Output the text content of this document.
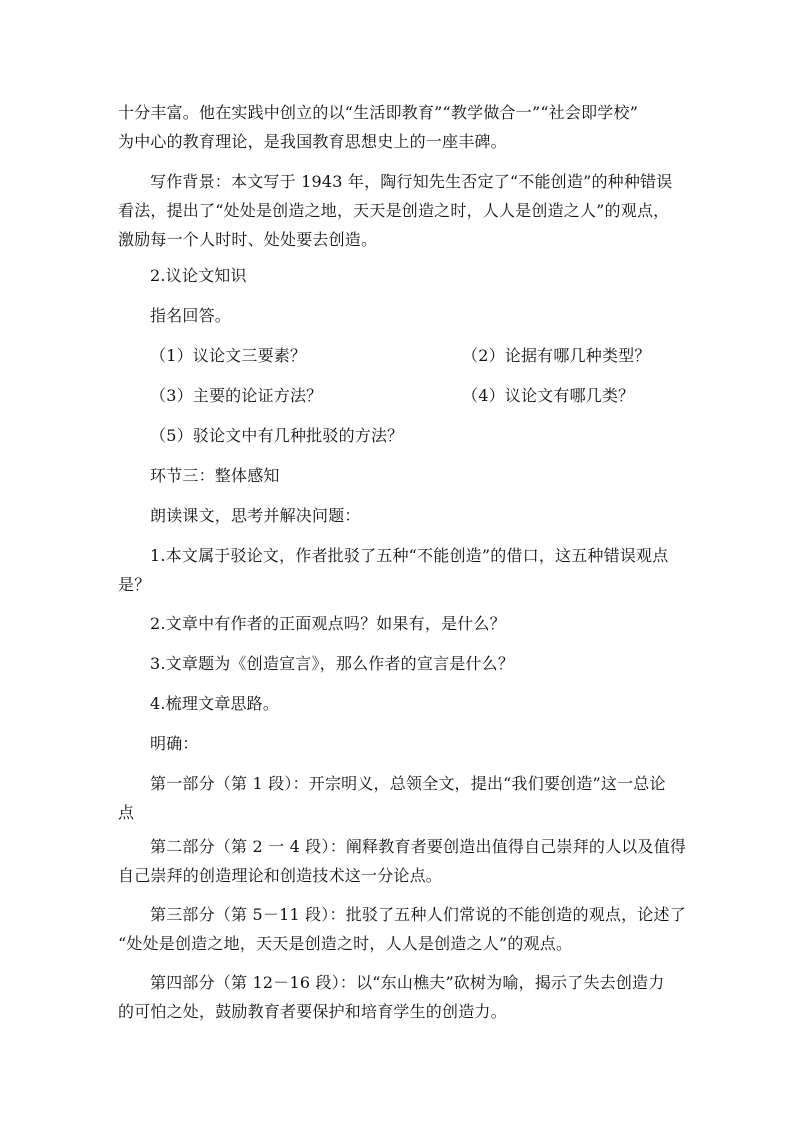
十分丰富。他在实践中创立的以“生活即教育”“教学做合一”“社会即学校”
为中心的教育理论，是我国教育思想史上的一座丰碑。
写作背景：本文写于 1943 年，陶行知先生否定了“不能创造”的种种错误
看法，提出了“处处是创造之地，天天是创造之时，人人是创造之人”的观点，
激励每一个人时时、处处要去创造。
2.议论文知识
指名回答。
（1）议论文三要素？	（2）论据有哪几种类型？
（3）主要的论证方法？	（4）议论文有哪几类？
（5）驳论文中有几种批驳的方法？
环节三：整体感知
朗读课文，思考并解决问题：
1.本文属于驳论文，作者批驳了五种“不能创造”的借口，这五种错误观点
是？
2.文章中有作者的正面观点吗？如果有，是什么？
3.文章题为《创造宣言》，那么作者的宣言是什么？
4.梳理文章思路。
明确：
第一部分（第 1 段）：开宗明义，总领全文，提出“我们要创造”这一总论
点
第二部分（第 2 一 4 段）：阐释教育者要创造出值得自己崇拜的人以及值得
自己崇拜的创造理论和创造技术这一分论点。
第三部分（第 5－11 段）：批驳了五种人们常说的不能创造的观点，论述了
“处处是创造之地，天天是创造之时，人人是创造之人”的观点。
第四部分（第 12－16 段）：以“东山樵夫”砍树为喻，揭示了失去创造力
的可怕之处，鼓励教育者要保护和培育学生的创造力。
